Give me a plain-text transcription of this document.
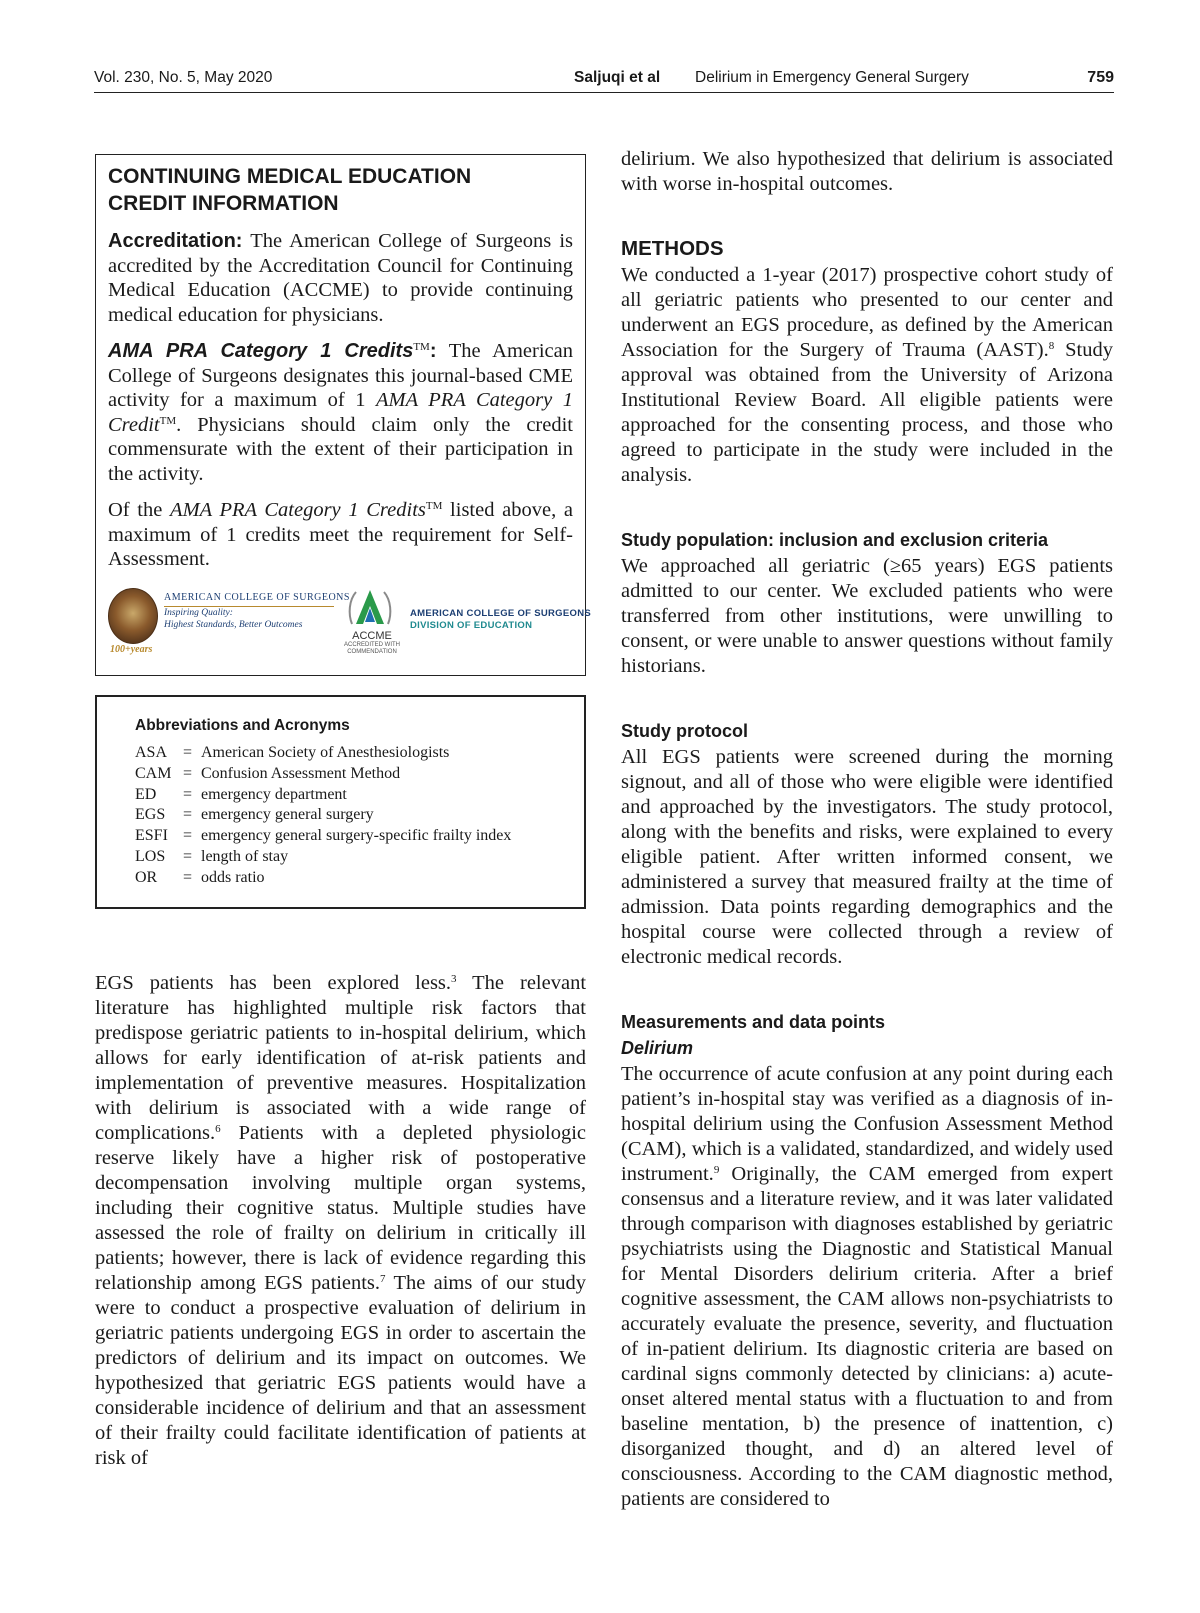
Vol. 230, No. 5, May 2020	Saljuqi et al Delirium in Emergency General Surgery	759
CONTINUING MEDICAL EDUCATION
CREDIT INFORMATION

Accreditation: The American College of Surgeons is accredited by the Accreditation Council for Continuing Medical Education (ACCME) to provide continuing medical education for physicians.

AMA PRA Category 1 Credits™: The American College of Surgeons designates this journal-based CME activity for a maximum of 1 AMA PRA Category 1 Credit™. Physicians should claim only the credit commensurate with the extent of their participation in the activity.

Of the AMA PRA Category 1 Credits™ listed above, a maximum of 1 credits meet the requirement for Self-Assessment.

100+years
AMERICAN COLLEGE OF SURGEONS
Inspiring Quality:
Highest Standards, Better Outcomes
ACCME
ACCREDITED WITH COMMENDATION
AMERICAN COLLEGE OF SURGEONS
DIVISION OF EDUCATION
Abbreviations and Acronyms
ASA = American Society of Anesthesiologists
CAM = Confusion Assessment Method
ED	= emergency department
EGS	= emergency general surgery
ESFI = emergency general surgery-specific frailty index
LOS	= length of stay
OR	= odds ratio

EGS patients has been explored less.$^3$ The relevant literature has highlighted multiple risk factors that predispose geriatric patients to in-hospital delirium, which allows for early identification of at-risk patients and implementation of preventive measures. Hospitalization with delirium is associated with a wide range of complications.$^6$ Patients with a depleted physiologic reserve likely have a higher risk of postoperative decompensation involving multiple organ systems, including their cognitive status. Multiple studies have assessed the role of frailty on delirium in critically ill patients; however, there is lack of evidence regarding this relationship among EGS patients.$^7$ The aims of our study were to conduct a prospective evaluation of delirium in geriatric patients undergoing EGS in order to ascertain the predictors of delirium and its impact on outcomes. We hypothesized that geriatric EGS patients would have a considerable incidence of delirium and that an assessment of their frailty could facilitate identification of patients at risk of

delirium. We also hypothesized that delirium is associated with worse in-hospital outcomes.

METHODS

We conducted a 1-year (2017) prospective cohort study of all geriatric patients who presented to our center and underwent an EGS procedure, as defined by the American Association for the Surgery of Trauma (AAST).$^8$ Study approval was obtained from the University of Arizona Institutional Review Board. All eligible patients were approached for the consenting process, and those who agreed to participate in the study were included in the analysis.

Study population: inclusion and exclusion criteria

We approached all geriatric (≥65 years) EGS patients admitted to our center. We excluded patients who were transferred from other institutions, were unwilling to consent, or were unable to answer questions without family historians.

Study protocol

All EGS patients were screened during the morning signout, and all of those who were eligible were identified and approached by the investigators. The study protocol, along with the benefits and risks, were explained to every eligible patient. After written informed consent, we administered a survey that measured frailty at the time of admission. Data points regarding demographics and the hospital course were collected through a review of electronic medical records.

Measurements and data points
Delirium

The occurrence of acute confusion at any point during each patient’s in-hospital stay was verified as a diagnosis of in-hospital delirium using the Confusion Assessment Method (CAM), which is a validated, standardized, and widely used instrument.$^9$ Originally, the CAM emerged from expert consensus and a literature review, and it was later validated through comparison with diagnoses established by geriatric psychiatrists using the Diagnostic and Statistical Manual for Mental Disorders delirium criteria. After a brief cognitive assessment, the CAM allows non-psychiatrists to accurately evaluate the presence, severity, and fluctuation of in-patient delirium. Its diagnostic criteria are based on cardinal signs commonly detected by clinicians: a) acute-onset altered mental status with a fluctuation to and from baseline mentation, b) the presence of inattention, c) disorganized thought, and d) an altered level of consciousness. According to the CAM diagnostic method, patients are considered to
